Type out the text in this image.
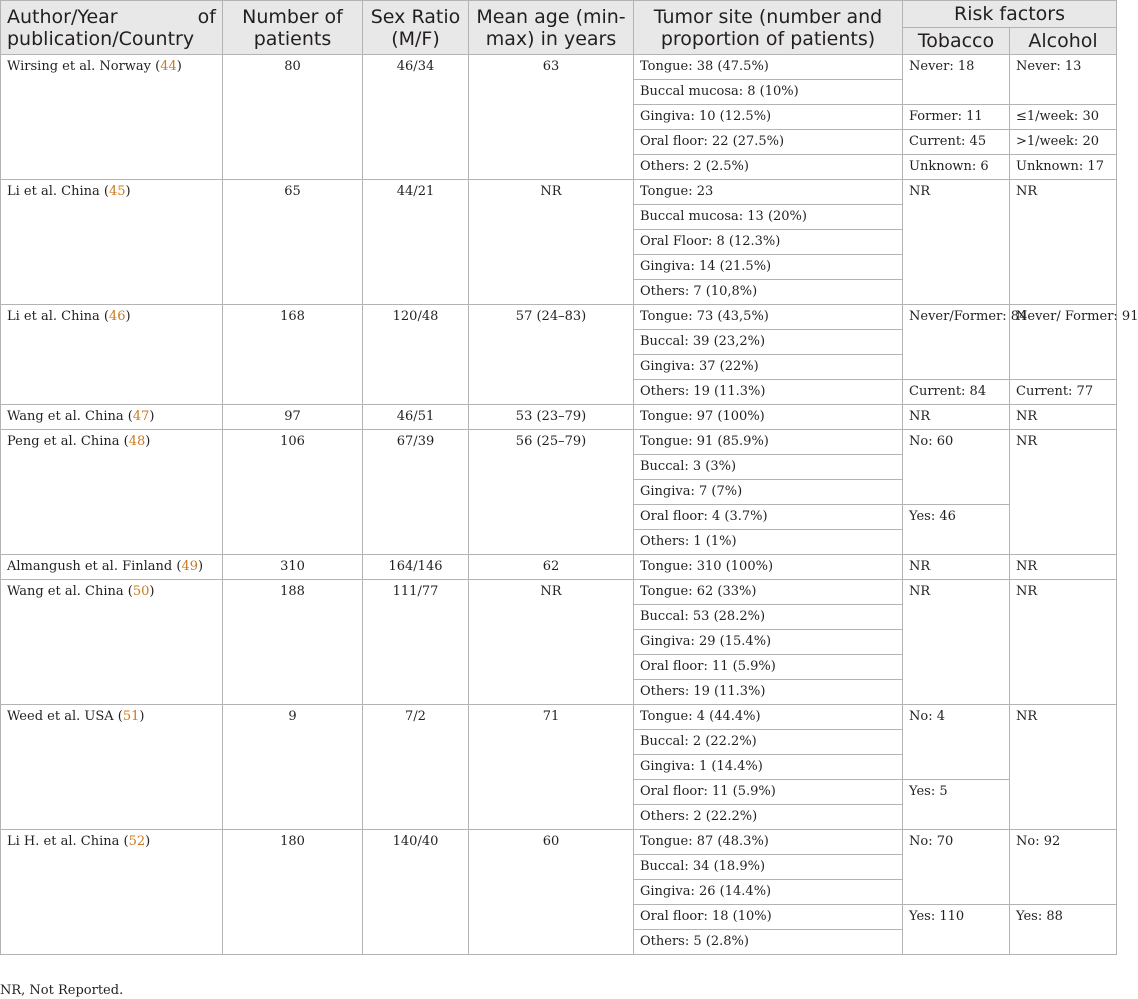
Author/Year of publication/Country	Number of patients	Sex Ratio (M/F)	Mean age (min-max) in years	Tumor site (number and proportion of patients)	Risk factors	
					Tobacco	Alcohol
Wirsing et al. Norway (44)	80	46/34	63	Tongue: 38 (47.5%)	Never: 18	Never: 13
				Buccal mucosa: 8 (10%)		
				Gingiva: 10 (12.5%)	Former: 11	≤1/week: 30
				Oral floor: 22 (27.5%)	Current: 45	>1/week: 20
				Others: 2 (2.5%)	Unknown: 6	Unknown: 17
Li et al. China (45)	65	44/21	NR	Tongue: 23	NR	NR
				Buccal mucosa: 13 (20%)		
				Oral Floor: 8 (12.3%)		
				Gingiva: 14 (21.5%)		
				Others: 7 (10,8%)		
Li et al. China (46)	168	120/48	57 (24–83)	Tongue: 73 (43,5%)	Never/Former: 84	Never/ Former: 91
				Buccal: 39 (23,2%)		
				Gingiva: 37 (22%)		
				Others: 19 (11.3%)	Current: 84	Current: 77
Wang et al. China (47)	97	46/51	53 (23–79)	Tongue: 97 (100%)	NR	NR
Peng et al. China (48)	106	67/39	56 (25–79)	Tongue: 91 (85.9%)	No: 60	NR
				Buccal: 3 (3%)		
				Gingiva: 7 (7%)		
				Oral floor: 4 (3.7%)	Yes: 46	
				Others: 1 (1%)		
Almangush et al. Finland (49)	310	164/146	62	Tongue: 310 (100%)	NR	NR
Wang et al. China (50)	188	111/77	NR	Tongue: 62 (33%)	NR	NR
				Buccal: 53 (28.2%)		
				Gingiva: 29 (15.4%)		
				Oral floor: 11 (5.9%)		
				Others: 19 (11.3%)		
Weed et al. USA (51)	9	7/2	71	Tongue: 4 (44.4%)	No: 4	NR
				Buccal: 2 (22.2%)		
				Gingiva: 1 (14.4%)		
				Oral floor: 11 (5.9%)	Yes: 5	
				Others: 2 (22.2%)		
Li H. et al. China (52)	180	140/40	60	Tongue: 87 (48.3%)	No: 70	No: 92
				Buccal: 34 (18.9%)		
				Gingiva: 26 (14.4%)		
				Oral floor: 18 (10%)	Yes: 110	Yes: 88
				Others: 5 (2.8%)		
NR, Not Reported.
